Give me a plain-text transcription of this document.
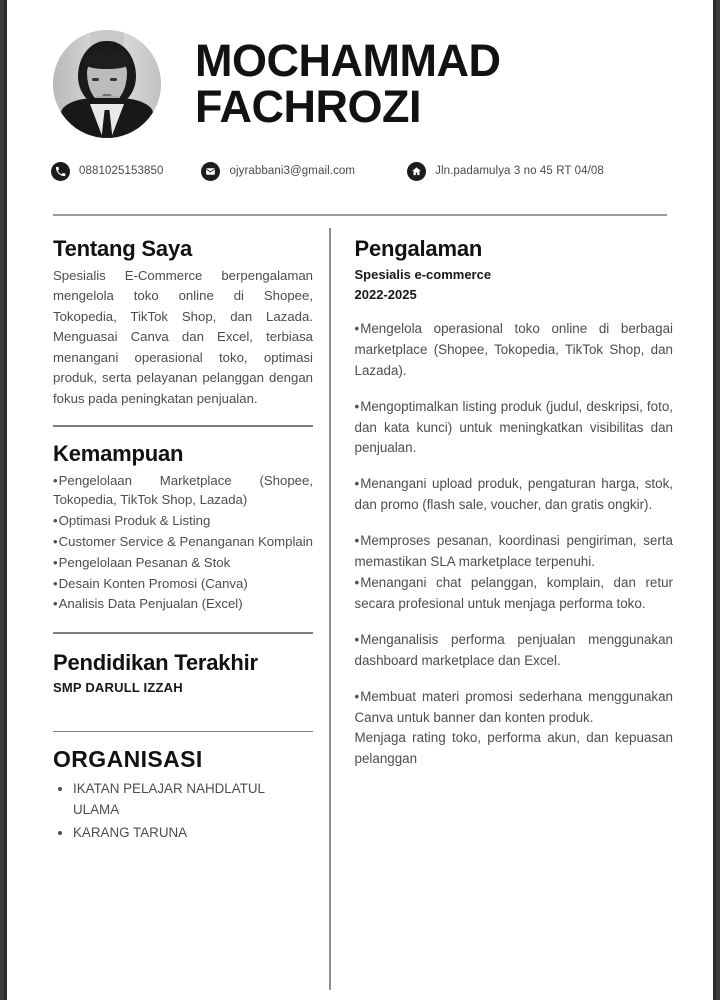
MOCHAMMAD
FACHROZI
0881025153850	ojyrabbani3@gmail.com	Jln.padamulya 3 no 45 RT 04/08
Tentang Saya

Spesialis E-Commerce berpengalaman mengelola toko online di Shopee, Tokopedia, TikTok Shop, dan Lazada. Menguasai Canva dan Excel, terbiasa menangani operasional toko, optimasi produk, serta pelayanan pelanggan dengan fokus pada peningkatan penjualan.

Kemampuan
• Pengelolaan Marketplace (Shopee, Tokopedia, TikTok Shop, Lazada)
• Optimasi Produk & Listing
• Customer Service & Penanganan Komplain
• Pengelolaan Pesanan & Stok
• Desain Konten Promosi (Canva)
• Analisis Data Penjualan (Excel)
Pendidikan Terakhir
SMP DARULL IZZAH
ORGANISASI
• IKATAN PELAJAR NAHDLATUL ULAMA
• KARANG TARUNA
Pengalaman
Spesialis e-commerce
2022-2025
• Mengelola operasional toko online di berbagai marketplace (Shopee, Tokopedia, TikTok Shop, dan Lazada).
• Mengoptimalkan listing produk (judul, deskripsi, foto, dan kata kunci) untuk meningkatkan visibilitas dan penjualan.
• Menangani upload produk, pengaturan harga, stok, dan promo (flash sale, voucher, dan gratis ongkir).
• Memproses pesanan, koordinasi pengiriman, serta memastikan SLA marketplace terpenuhi.
• Menangani chat pelanggan, komplain, dan retur secara profesional untuk menjaga performa toko.
• Menganalisis performa penjualan menggunakan dashboard marketplace dan Excel.
• Membuat materi promosi sederhana menggunakan Canva untuk banner dan konten produk.
Menjaga rating toko, performa akun, dan kepuasan pelanggan
